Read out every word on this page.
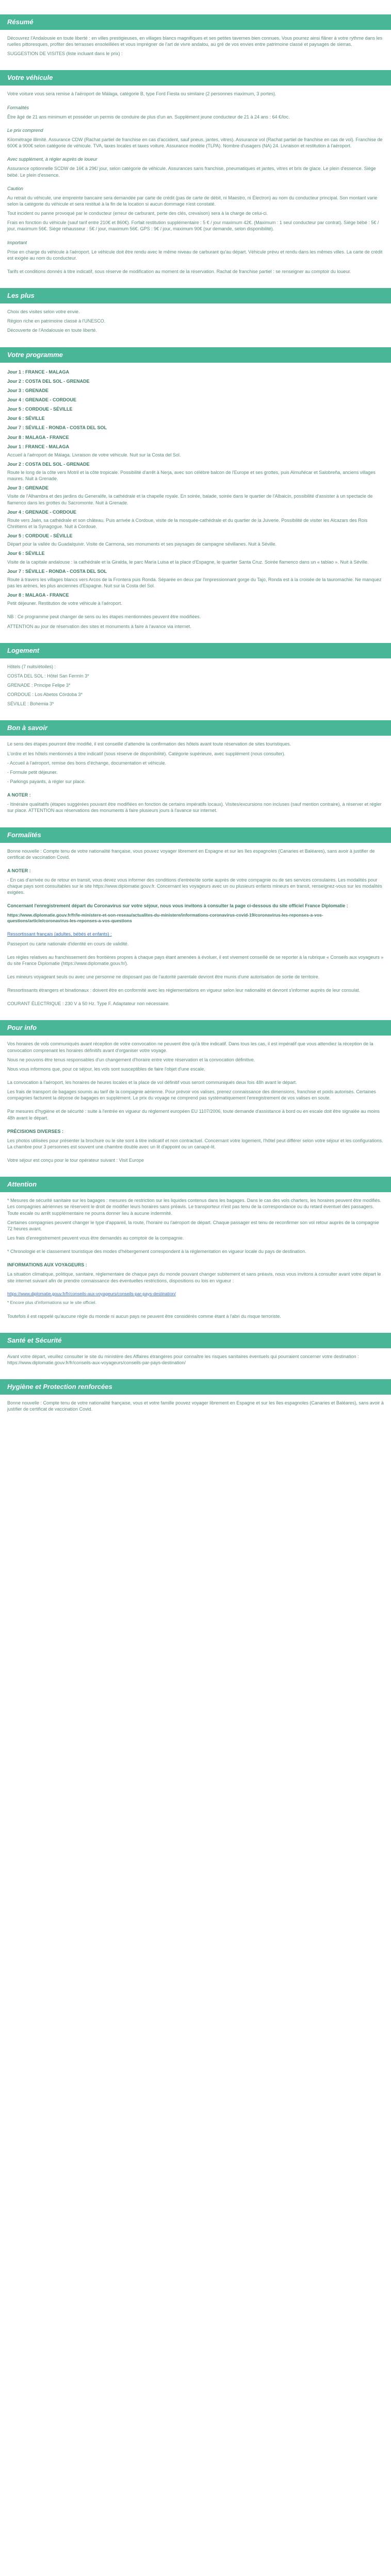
Résumé

Découvrez l'Andalousie en toute liberté : en villes prestigieuses, en villages blancs magnifiques et ses petites tavernes bien connues. Vous pourrez ainsi flâner à votre rythme dans les ruelles pittoresques, profiter des terrasses ensoleillées et vous imprégner de l'art de vivre andalou, au gré de vos envies entre patrimoine classé et paysages de sierras.

SUGGESTION DE VISITES (liste incluant dans le prix) :

Votre véhicule

Votre voiture vous sera remise à l'aéroport de Málaga, catégorie B, type Ford Fiesta ou similaire (2 personnes maximum, 3 portes).

Formalités

Être âgé de 21 ans minimum et posséder un permis de conduire de plus d'un an. Supplément jeune conducteur de 21 à 24 ans : 64 €/loc.

Le prix comprend

Kilométrage illimité. Assurance CDW (Rachat partiel de franchise en cas d'accident, sauf pneus, jantes, vitres). Assurance vol (Rachat partiel de franchise en cas de vol). Franchise de 600€ à 900€ selon catégorie de véhicule. TVA, taxes locales et taxes voiture. Assurance modèle (TLPA). Nombre d'usagers (NA) 24. Livraison et restitution à l'aéroport.

Avec supplément, à régler auprès de loueur

Assurance optionnelle SCDW de 16€ à 29€/ jour, selon catégorie de véhicule. Assurances sans franchise, pneumatiques et jantes, vitres et bris de glace. Le plein d'essence. Siège bébé. Le plein d'essence.

Caution

Au retrait du véhicule, une empreinte bancaire sera demandée par carte de crédit (pas de carte de débit, ni Maestro, ni Électron) au nom du conducteur principal. Son montant varie selon la catégorie du véhicule et sera restitué à la fin de la location si aucun dommage n'est constaté.

Tout incident ou panne provoqué par le conducteur (erreur de carburant, perte des clés, crevaison) sera à la charge de celui-ci.

Frais en fonction du véhicule (sauf tarif entre 210€ et 860€). Forfait restitution supplémentaire : 5 € / jour maximum 42€. (Maximum : 1 seul conducteur par contrat). Siège bébé : 5€ / jour, maximum 56€. Siège rehausseur : 5€ / jour, maximum 56€. GPS : 9€ / jour, maximum 90€ (sur demande, selon disponibilité).

Important

Prise en charge du véhicule à l'aéroport. Le véhicule doit être rendu avec le même niveau de carburant qu'au départ. Véhicule prévu et rendu dans les mêmes villes. La carte de crédit est exigée au nom du conducteur.

Tarifs et conditions donnés à titre indicatif, sous réserve de modification au moment de la réservation. Rachat de franchise partiel : se renseigner au comptoir du loueur.

Les plus

Choix des visites selon votre envie.

Région riche en patrimoine classé à l'UNESCO.

Découverte de l'Andalousie en toute liberté.

Votre programme

Jour 1 : FRANCE - MALAGA

Jour 2 : COSTA DEL SOL - GRENADE

Jour 3 : GRENADE

Jour 4 : GRENADE - CORDOUE

Jour 5 : CORDOUE - SÉVILLE

Jour 6 : SÉVILLE

Jour 7 : SÉVILLE - RONDA - COSTA DEL SOL

Jour 8 : MALAGA - FRANCE

Jour 1 : FRANCE - MALAGA

Accueil à l'aéroport de Málaga. Livraison de votre véhicule. Nuit sur la Costa del Sol.

Jour 2 : COSTA DEL SOL - GRENADE

Route le long de la côte vers Motril et la côte tropicale. Possibilité d'arrêt à Nerja, avec son célèbre balcon de l'Europe et ses grottes, puis Almuñécar et Salobreña, anciens villages maures. Nuit à Grenade.

Jour 3 : GRENADE

Visite de l'Alhambra et des jardins du Generalife, la cathédrale et la chapelle royale. En soirée, balade, soirée dans le quartier de l'Albaicín, possibilité d'assister à un spectacle de flamenco dans les grottes du Sacromonte. Nuit à Grenade.

Jour 4 : GRENADE - CORDOUE

Route vers Jaén, sa cathédrale et son château. Puis arrivée à Cordoue, visite de la mosquée-cathédrale et du quartier de la Juiverie. Possibilité de visiter les Alcazars des Rois Chrétiens et la Synagogue. Nuit à Cordoue.

Jour 5 : CORDOUE - SÉVILLE

Départ pour la vallée du Guadalquivir. Visite de Carmona, ses monuments et ses paysages de campagne sévillanes. Nuit à Séville.

Jour 6 : SÉVILLE

Visite de la capitale andalouse : la cathédrale et la Giralda, le parc María Luisa et la place d'Espagne, le quartier Santa Cruz. Soirée flamenco dans un « tablao ». Nuit à Séville.

Jour 7 : SÉVILLE - RONDA - COSTA DEL SOL

Route à travers les villages blancs vers Arcos de la Frontera puis Ronda. Séparée en deux par l'impressionnant gorge du Tajo, Ronda est à la croisée de la tauromachie. Ne manquez pas les arènes, les plus anciennes d'Espagne. Nuit sur la Costa del Sol.

Jour 8 : MALAGA - FRANCE

Petit déjeuner. Restitution de votre véhicule à l'aéroport.

NB : Ce programme peut changer de sens ou les étapes mentionnées peuvent être modifiées.

ATTENTION au jour de réservation des sites et monuments à faire à l'avance via internet.

Logement

Hôtels (7 nuits/étoiles) :

COSTA DEL SOL : Hôtel San Fermín 3*

GRENADE : Principe Felipe 3*

CORDOUE : Los Abetos Córdoba 3*

SÉVILLE : Bohemia 3*

Bon à savoir

Le sens des étapes pourront être modifié, il est conseillé d'attendre la confirmation des hôtels avant toute réservation de sites touristiques.

L'ordre et les hôtels mentionnés à titre indicatif (sous réserve de disponibilité). Catégorie supérieure, avec supplément (nous consulter).

- Accueil à l'aéroport, remise des bons d'échange, documentation et véhicule.

- Formule petit déjeuner.

- Parkings payants, à régler sur place.

A NOTER :

- Itinéraire qualitatifs (étapes suggérées pouvant être modifiées en fonction de certains impératifs locaux). Visites/excursions non incluses (sauf mention contraire), à réserver et régler sur place. ATTENTION aux réservations des monuments à faire plusieurs jours à l'avance sur internet.

Formalités

Bonne nouvelle : Compte tenu de votre nationalité française, vous pouvez voyager librement en Espagne et sur les îles espagnoles (Canaries et Baléares), sans avoir à justifier de certificat de vaccination Covid.

A NOTER :

- En cas d'arrivée ou de retour en transit, vous devez vous informer des conditions d'entrée/de sortie auprès de votre compagnie ou de ses services consulaires. Les modalités pour chaque pays sont consultables sur le site https://www.diplomatie.gouv.fr. Concernant les voyageurs avec un ou plusieurs enfants mineurs en transit, renseignez-vous sur les modalités exigées.

Concernant l'enregistrement départ du Coronavirus sur votre séjour, nous vous invitons à consulter la page ci-dessous du site officiel France Diplomatie :

https://www.diplomatie.gouv.fr/fr/le-ministere-et-son-reseau/actualites-du-ministere/informations-coronavirus-covid-19/coronavirus-les-reponses-a-vos-questions/article/coronavirus-les-reponses-a-vos-questions

Ressortissant français (adultes, bébés et enfants) :

Passeport ou carte nationale d'identité en cours de validité.

Les règles relatives au franchissement des frontières propres à chaque pays étant amenées à évoluer, il est vivement conseillé de se reporter à la rubrique « Conseils aux voyageurs » du site France Diplomatie (https://www.diplomatie.gouv.fr/).

Les mineurs voyageant seuls ou avec une personne ne disposant pas de l'autorité parentale devront être munis d'une autorisation de sortie de territoire.

Ressortissants étrangers et binationaux : doivent être en conformité avec les réglementations en vigueur selon leur nationalité et devront s'informer auprès de leur consulat.

COURANT ÉLECTRIQUE : 230 V à 50 Hz. Type F. Adaptateur non nécessaire.

Pour info

Vos horaires de vols communiqués avant réception de votre convocation ne peuvent être qu'à titre indicatif. Dans tous les cas, il est impératif que vous attendiez la réception de la convocation comprenant les horaires définitifs avant d'organiser votre voyage.

Nous ne pouvons être tenus responsables d'un changement d'horaire entre votre réservation et la convocation définitive.

Nous vous informons que, pour ce séjour, les vols sont susceptibles de faire l'objet d'une escale.

La convocation à l'aéroport, les horaires de heures locales et la place de vol définitif vous seront communiqués deux fois 48h avant le départ.

Les frais de transport de bagages soumis au tarif de la compagnie aérienne. Pour prévoir vos valises, prenez connaissance des dimensions, franchise et poids autorisés. Certaines compagnies facturent la dépose de bagages en supplément. Le prix du voyage ne comprend pas systématiquement l'enregistrement de vos valises en soute.

Par mesures d'hygiène et de sécurité : suite à l'entrée en vigueur du règlement européen EU 1107/2006, toute demande d'assistance à bord ou en escale doit être signalée au moins 48h avant le départ.

PRÉCISIONS DIVERSES :

Les photos utilisées pour présenter la brochure ou le site sont à titre indicatif et non contractuel. Concernant votre logement, l'hôtel peut différer selon votre séjour et les configurations. La chambre pour 3 personnes est souvent une chambre double avec un lit d'appoint ou un canapé-lit.

Votre séjour est conçu pour le tour opérateur suivant : Visit Europe

Attention

* Mesures de sécurité sanitaire sur les bagages : mesures de restriction sur les liquides contenus dans les bagages. Dans le cas des vols charters, les horaires peuvent être modifiés. Les compagnies aériennes se réservent le droit de modifier leurs horaires sans préavis. Le transporteur n'est pas tenu de la correspondance ou du retard éventuel des passagers. Toute escale ou arrêt supplémentaire ne pourra donner lieu à aucune indemnité.

Certaines compagnies peuvent changer le type d'appareil, la route, l'horaire ou l'aéroport de départ. Chaque passager est tenu de reconfirmer son vol retour auprès de la compagnie 72 heures avant.

Les frais d'enregistrement peuvent vous être demandés au comptoir de la compagnie.

* Chronologie et le classement touristique des modes d'hébergement correspondent à la réglementation en vigueur locale du pays de destination.

INFORMATIONS AUX VOYAGEURS :

La situation climatique, politique, sanitaire, réglementaire de chaque pays du monde pouvant changer subitement et sans préavis, nous vous invitons à consulter avant votre départ le site internet suivant afin de prendre connaissance des éventuelles restrictions, dispositions ou lois en vigueur :

https://www.diplomatie.gouv.fr/fr/conseils-aux-voyageurs/conseils-par-pays-destination/

* Encore plus d'informations sur le site officiel.

Toutefois il est rappelé qu'aucune règle du monde ni aucun pays ne peuvent être considérés comme étant à l'abri du risque terroriste.

Santé et Sécurité

Avant votre départ, veuillez consulter le site du ministère des Affaires étrangères pour connaître les risques sanitaires éventuels qui pourraient concerner votre destination : https://www.diplomatie.gouv.fr/fr/conseils-aux-voyageurs/conseils-par-pays-destination/

Hygiène et Protection renforcées

Bonne nouvelle : Compte tenu de votre nationalité française, vous et votre famille pouvez voyager librement en Espagne et sur les îles espagnoles (Canaries et Baléares), sans avoir à justifier de certificat de vaccination Covid.
